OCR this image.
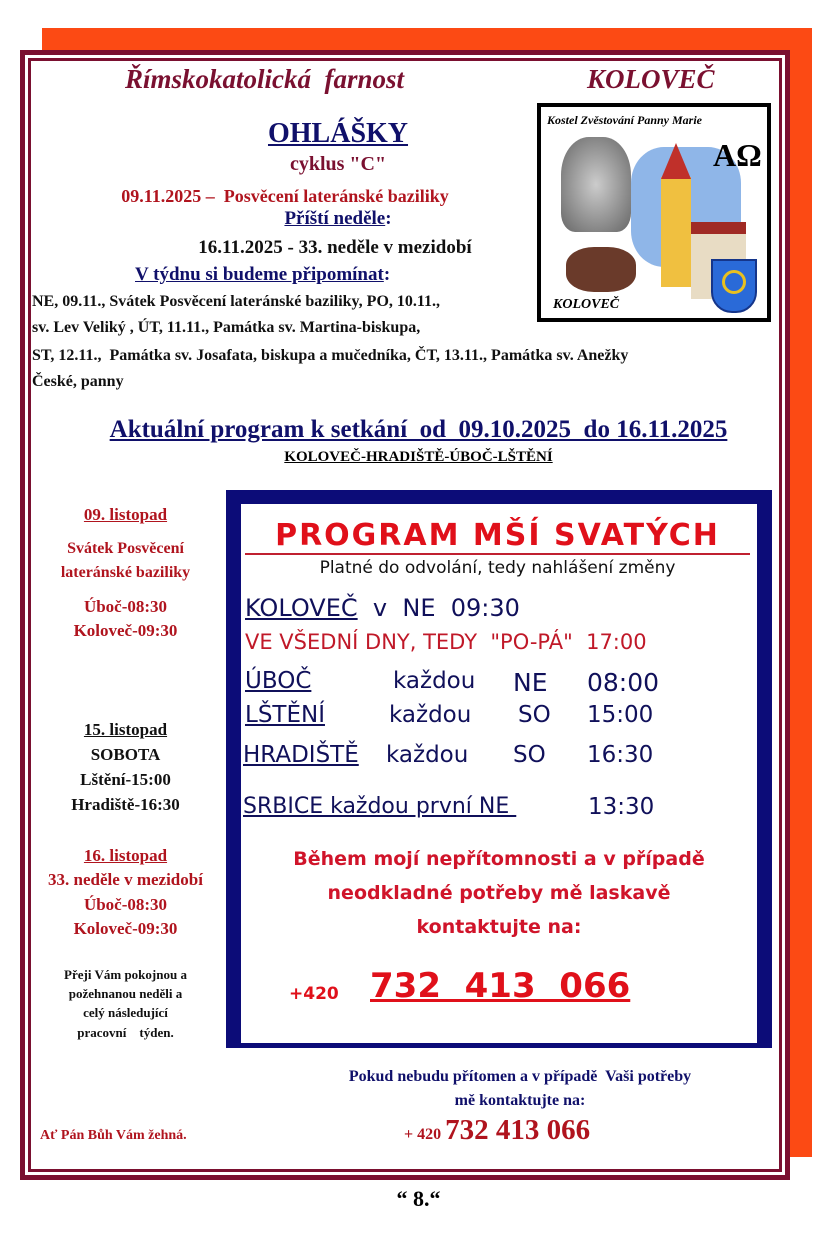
Římskokatolická  farnost	KOLOVEČ
Kostel Zvěstování Panny Marie
AΩ
KOLOVEČ
OHLÁŠKY
cyklus "C"
09.11.2025 –  Posvěcení lateránské baziliky
Příští neděle:
16.11.2025 - 33. neděle v mezidobí
V týdnu si budeme připomínat:
NE, 09.11., Svátek Posvěcení lateránské baziliky, PO, 10.11.,
sv. Lev Veliký , ÚT, 11.11., Památka sv. Martina-biskupa,
ST, 12.11.,  Památka sv. Josafata, biskupa a mučedníka, ČT, 13.11., Památka sv. Anežky
České, panny
Aktuální program k setkání  od  09.10.2025  do 16.11.2025
KOLOVEČ-HRADIŠTĚ-ÚBOČ-LŠTĚNÍ
09. listopad
Svátek Posvěcení
lateránské baziliky
Úboč-08:30
Koloveč-09:30
15. listopad
SOBOTA
Lštění-15:00
Hradiště-16:30
16. listopad
33. neděle v mezidobí
Úboč-08:30
Koloveč-09:30
Přeji Vám pokojnou a
požehnanou neděli a
celý následující
pracovní    týden.
Ať Pán Bůh Vám žehná.
PROGRAM MŠÍ SVATÝCH
Platné do odvolání, tedy nahlášení změny
KOLOVEČ v NE 09:30
VE VŠEDNÍ DNY, TEDY  "PO-PÁ"  17:00
ÚBOČ	každou NE 08:00
LŠTĚNÍ	každou SO 15:00
HRADIŠTĚ každou SO 16:30
SRBICE každou první NE	13:30
Během mojí nepřítomnosti a v případě
neodkladné potřeby mě laskavě
kontaktujte na:
+420 732  413  066
Pokud nebudu přítomen a v případě  Vaši potřeby
mě kontaktujte na:
+ 420 732 413 066
“ 8.“
